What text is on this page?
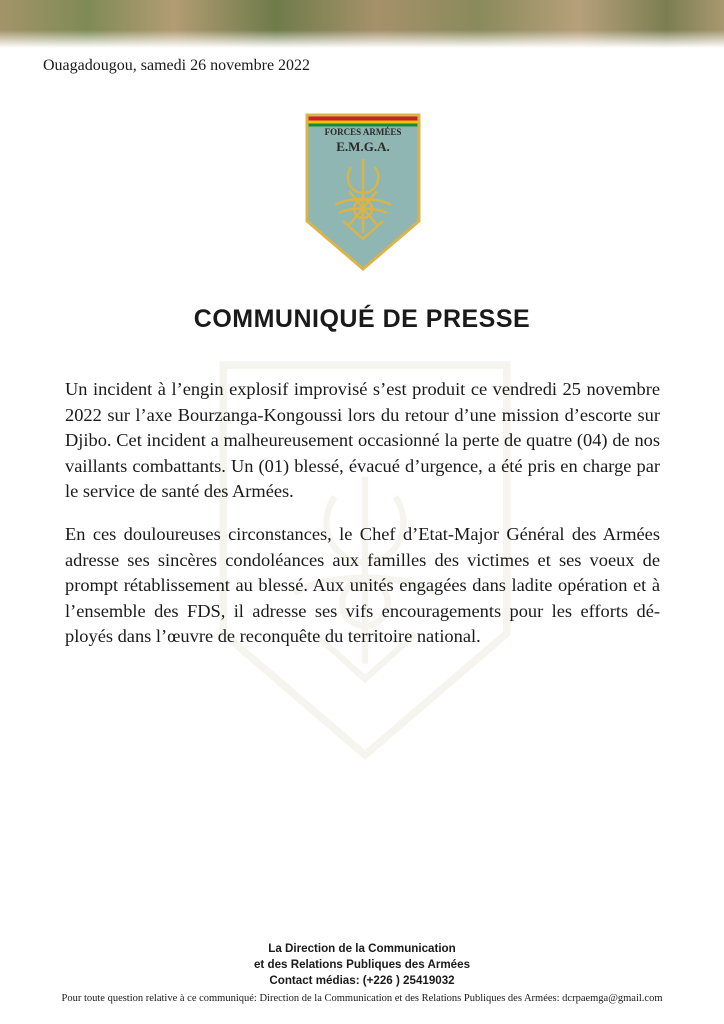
Ouagadougou, samedi 26 novembre 2022
FORCES ARMÉES
E.M.G.A.
COMMUNIQUÉ DE PRESSE

Un incident à l’engin explosif improvisé s’est produit ce vendredi 25 novembre 2022 sur l’axe Bourzanga-Kongoussi lors du retour d’une mission d’escorte sur Djibo. Cet incident a malheureusement occasionné la perte de quatre (04) de nos vaillants combattants. Un (01) blessé, évacué d’urgence, a été pris en charge par le service de santé des Armées.

En ces douloureuses circonstances, le Chef d’Etat-Major Général des Armées adresse ses sincères condoléances aux familles des victimes et ses voeux de prompt rétablissement au blessé. Aux unités engagées dans ladite opération et à l’ensemble des FDS, il adresse ses vifs encouragements pour les efforts déployés dans l’œuvre de reconquête du territoire national.

La Direction de la Communication
et des Relations Publiques des Armées
Contact médias: (+226 ) 25419032
Pour toute question relative à ce communiqué: Direction de la Communication et des Relations Publiques des Armées: dcrpaemga@gmail.com
